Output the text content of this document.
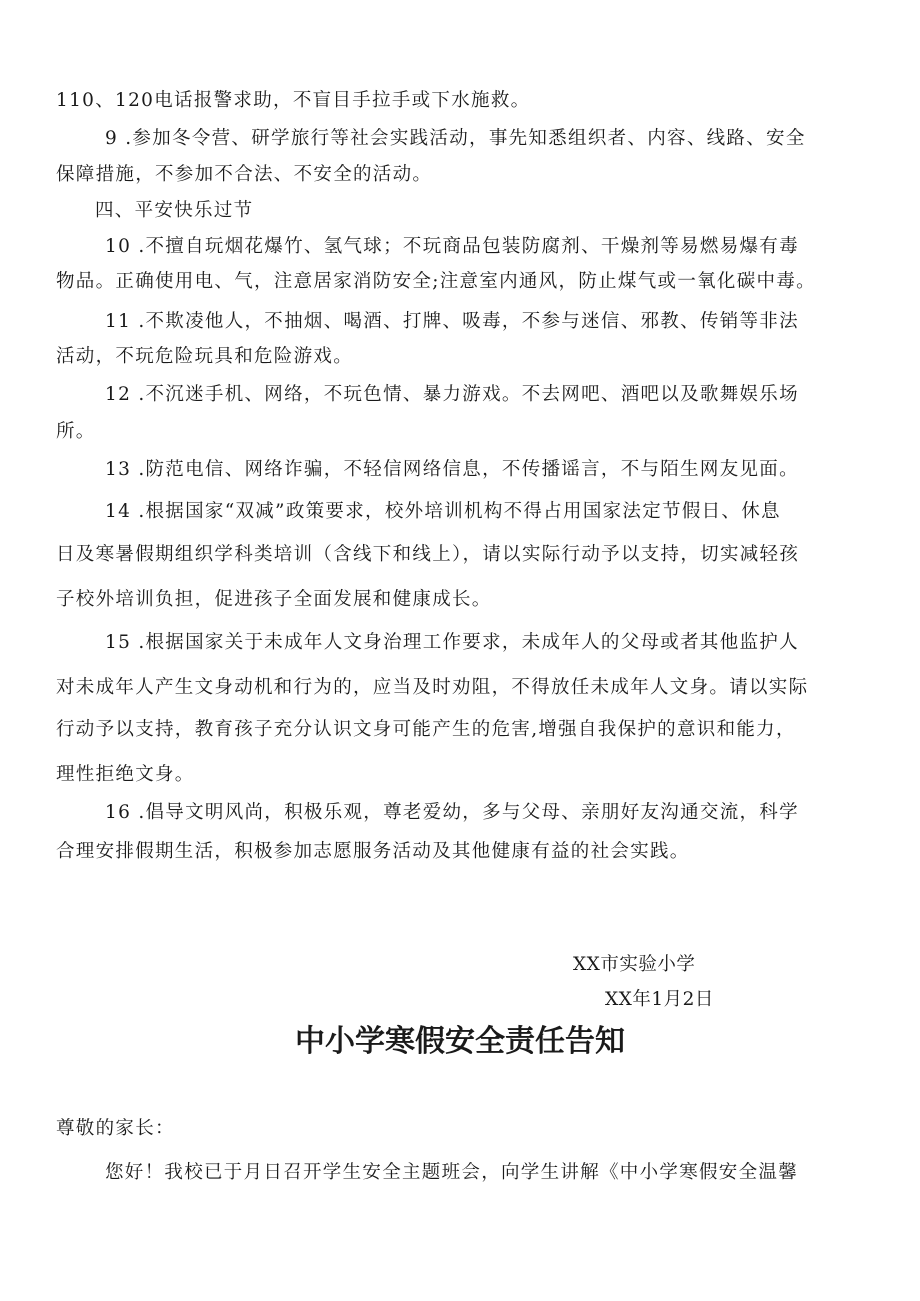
110、120电话报警求助，不盲目手拉手或下水施救。
9 .参加冬令营、研学旅行等社会实践活动，事先知悉组织者、内容、线路、安全
保障措施，不参加不合法、不安全的活动。
四、平安快乐过节
10 .不擅自玩烟花爆竹、氢气球；不玩商品包装防腐剂、干燥剂等易燃易爆有毒
物品。正确使用电、气，注意居家消防安全;注意室内通风，防止煤气或一氧化碳中毒。
11 .不欺凌他人，不抽烟、喝酒、打牌、吸毒，不参与迷信、邪教、传销等非法
活动，不玩危险玩具和危险游戏。
12 .不沉迷手机、网络，不玩色情、暴力游戏。不去网吧、酒吧以及歌舞娱乐场
所。
13 .防范电信、网络诈骗，不轻信网络信息，不传播谣言，不与陌生网友见面。
14 .根据国家“双减”政策要求，校外培训机构不得占用国家法定节假日、休息
日及寒暑假期组织学科类培训（含线下和线上），请以实际行动予以支持，切实减轻孩
子校外培训负担，促进孩子全面发展和健康成长。
15 .根据国家关于未成年人文身治理工作要求，未成年人的父母或者其他监护人
对未成年人产生文身动机和行为的，应当及时劝阻，不得放任未成年人文身。请以实际
行动予以支持，教育孩子充分认识文身可能产生的危害,增强自我保护的意识和能力，
理性拒绝文身。
16 .倡导文明风尚，积极乐观，尊老爱幼，多与父母、亲朋好友沟通交流，科学
合理安排假期生活，积极参加志愿服务活动及其他健康有益的社会实践。
XX市实验小学
XX年1月2日
中小学寒假安全责任告知
尊敬的家长：
您好！我校已于月日召开学生安全主题班会，向学生讲解《中小学寒假安全温馨
